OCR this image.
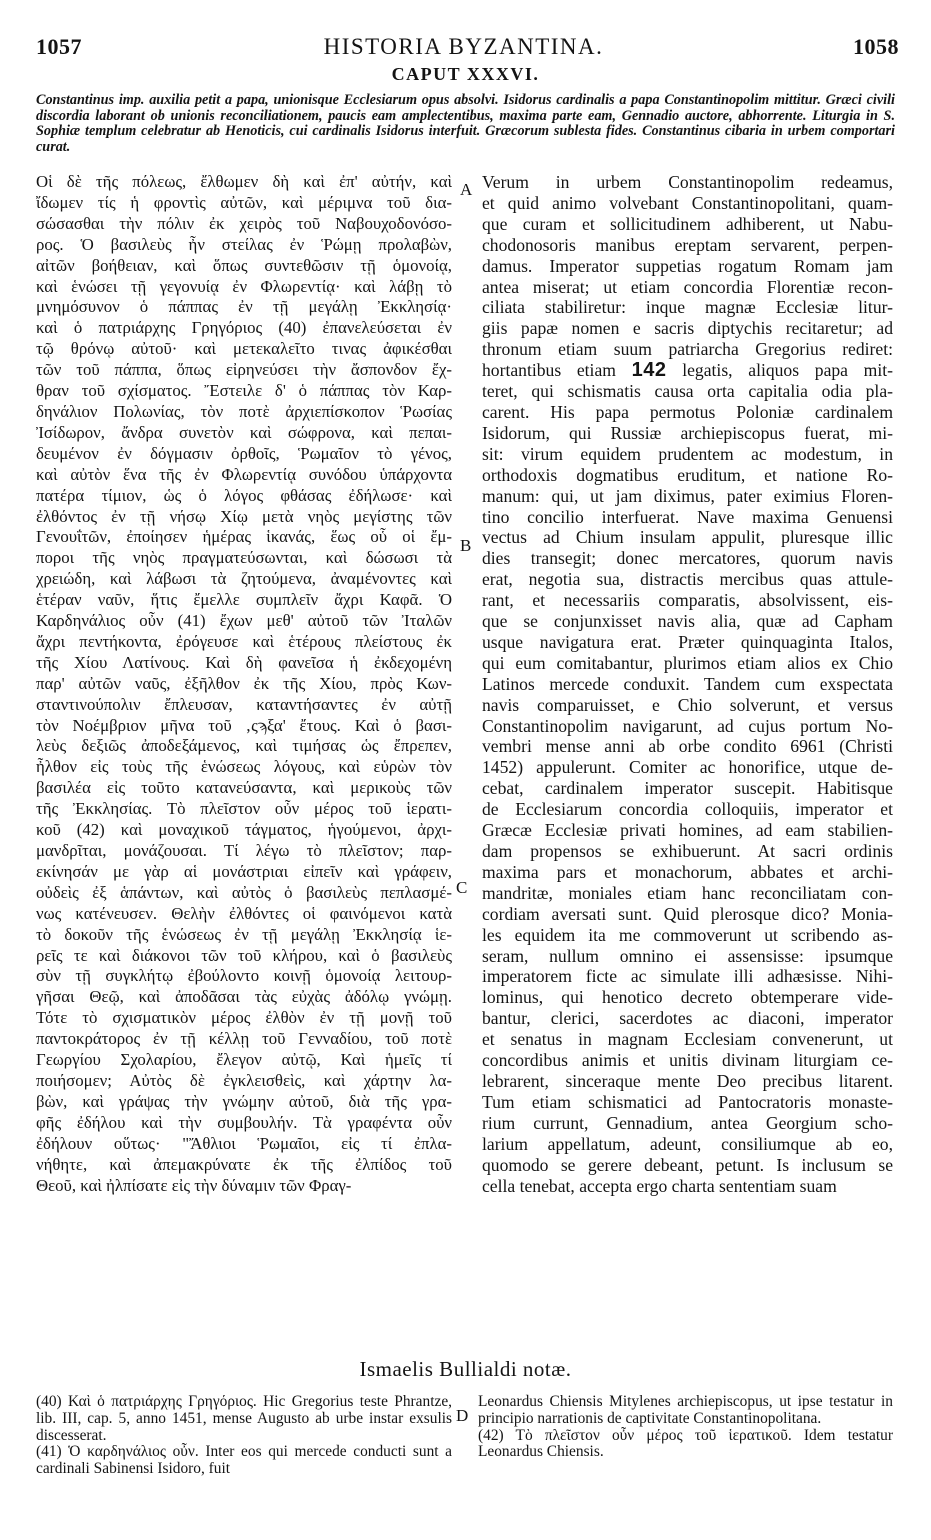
1057	HISTORIA BYZANTINA.	1058
CAPUT XXXVI.
Constantinus imp. auxilia petit a papa, unionisque Ecclesiarum opus absolvi. Isidorus cardinalis a papa Constantinopolim mittitur. Græci civili discordia laborant ob unionis reconciliationem, paucis eam amplectentibus, maxima parte eam, Gennadio auctore, abhorrente. Liturgia in S. Sophiæ templum celebratur ab Henoticis, cui cardinalis Isidorus interfuit. Græcorum sublesta fides. Constantinus cibaria in urbem comportari curat.
Οἱ δὲ τῆς πόλεως, ἔλθωμεν δὴ καὶ ἐπ' αὐτήν, καὶ
ἴδωμεν τίς ἡ φροντὶς αὐτῶν, καὶ μέριμνα τοῦ δια-
σώσασθαι τὴν πόλιν ἐκ χειρὸς τοῦ Ναβουχοδονόσο-
ρος. Ὁ βασιλεὺς ἦν στείλας ἐν Ῥώμῃ προλαβὼν,
αἰτῶν βοήθειαν, καὶ ὅπως συντεθῶσιν τῇ ὁμονοίᾳ,
καὶ ἑνώσει τῇ γεγονυίᾳ ἐν Φλωρεντίᾳ· καὶ λάβῃ τὸ
μνημόσυνον ὁ πάππας ἐν τῇ μεγάλῃ Ἐκκλησίᾳ·
καὶ ὁ πατριάρχης Γρηγόριος (40) ἐπανελεύσεται ἐν
τῷ θρόνῳ αὐτοῦ· καὶ μετεκαλεῖτο τινας ἀφικέσθαι
τῶν τοῦ πάππα, ὅπως εἰρηνεύσει τὴν ἄσπονδον ἔχ-
θραν τοῦ σχίσματος. Ἔστειλε δ' ὁ πάππας τὸν Καρ-
δηνάλιον Πολωνίας, τὸν ποτὲ ἀρχιεπίσκοπον Ῥωσίας
Ἰσίδωρον, ἄνδρα συνετὸν καὶ σώφρονα, καὶ πεπαι-
δευμένον ἐν δόγμασιν ὀρθοῖς, Ῥωμαῖον τὸ γένος,
καὶ αὐτὸν ἕνα τῆς ἐν Φλωρεντίᾳ συνόδου ὑπάρχοντα
πατέρα τίμιον, ὡς ὁ λόγος φθάσας ἐδήλωσε· καὶ
ἐλθόντος ἐν τῇ νήσῳ Χίῳ μετὰ νηὸς μεγίστης τῶν
Γενουΐτῶν, ἐποίησεν ἡμέρας ἱκανάς, ἕως οὗ οἱ ἔμ-
ποροι τῆς νηὸς πραγματεύσωνται, καὶ δώσωσι τὰ
χρειώδη, καὶ λάβωσι τὰ ζητούμενα, ἀναμένοντες καὶ
ἑτέραν ναῦν, ἥτις ἔμελλε συμπλεῖν ἄχρι Καφᾶ. Ὁ
Καρδηνάλιος οὖν (41) ἔχων μεθ' αὐτοῦ τῶν Ἰταλῶν
ἄχρι πεντήκοντα, ἐρόγευσε καὶ ἑτέρους πλείστους ἐκ
τῆς Χίου Λατίνους. Καὶ δὴ φανεῖσα ἡ ἐκδεχομένη
παρ' αὐτῶν ναῦς, ἐξῆλθον ἐκ τῆς Χίου, πρὸς Κων-
σταντινούπολιν ἔπλευσαν, καταντήσαντες ἐν αὐτῇ
τὸν Νοέμβριον μῆνα τοῦ ‚ςϡξα' ἔτους. Καὶ ὁ βασι-
λεὺς δεξιῶς ἀποδεξάμενος, καὶ τιμήσας ὡς ἔπρεπεν,
ἦλθον εἰς τοὺς τῆς ἑνώσεως λόγους, καὶ εὑρὼν τὸν
βασιλέα εἰς τοῦτο κατανεύσαντα, καὶ μερικοὺς τῶν
τῆς Ἐκκλησίας. Τὸ πλεῖστον οὖν μέρος τοῦ ἱερατι-
κοῦ (42) καὶ μοναχικοῦ τάγματος, ἡγούμενοι, ἀρχι-
μανδρῖται, μονάζουσαι. Τί λέγω τὸ πλεῖστον; παρ-
εκίνησάν με γὰρ αἱ μονάστριαι εἰπεῖν καὶ γράφειν,
οὐδεὶς ἐξ ἁπάντων, καὶ αὐτὸς ὁ βασιλεὺς πεπλασμέ-
νως κατένευσεν. Θελὴν ἐλθόντες οἱ φαινόμενοι κατὰ
τὸ δοκοῦν τῆς ἑνώσεως ἐν τῇ μεγάλῃ Ἐκκλησίᾳ ἱε-
ρεῖς τε καὶ διάκονοι τῶν τοῦ κλήρου, καὶ ὁ βασιλεὺς
σὺν τῇ συγκλήτῳ ἐβούλοντο κοινῇ ὁμονοίᾳ λειτουρ-
γῆσαι Θεῷ, καὶ ἀποδᾶσαι τὰς εὐχὰς ἀδόλῳ γνώμῃ.
Τότε τὸ σχισματικὸν μέρος ἐλθὸν ἐν τῇ μονῇ τοῦ
παντοκράτορος ἐν τῇ κέλλῃ τοῦ Γενναδίου, τοῦ ποτὲ
Γεωργίου Σχολαρίου, ἔλεγον αὐτῷ, Καὶ ἡμεῖς τί
ποιήσομεν; Αὐτὸς δὲ ἐγκλεισθεὶς, καὶ χάρτην λα-
βὼν, καὶ γράψας τὴν γνώμην αὐτοῦ, διὰ τῆς γρα-
φῆς ἐδήλου καὶ τὴν συμβουλήν. Τὰ γραφέντα οὖν
ἐδήλουν οὕτως· "Ἄθλιοι Ῥωμαῖοι, εἰς τί ἐπλα-
νήθητε, καὶ ἀπεμακρύνατε ἐκ τῆς ἐλπίδος τοῦ
Θεοῦ, καὶ ἠλπίσατε εἰς τὴν δύναμιν τῶν Φραγ-
Verum in urbem Constantinopolim redeamus,
et quid animo volvebant Constantinopolitani, quam-
que curam et sollicitudinem adhiberent, ut Nabu-
chodonosoris manibus ereptam servarent, perpen-
damus. Imperator suppetias rogatum Romam jam
antea miserat; ut etiam concordia Florentiæ recon-
ciliata stabiliretur: inque magnæ Ecclesiæ litur-
giis papæ nomen e sacris diptychis recitaretur; ad
thronum etiam suum patriarcha Gregorius rediret:
hortantibus etiam 142 legatis, aliquos papa mit-
teret, qui schismatis causa orta capitalia odia pla-
carent. His papa permotus Poloniæ cardinalem
Isidorum, qui Russiæ archiepiscopus fuerat, mi-
sit: virum equidem prudentem ac modestum, in
orthodoxis dogmatibus eruditum, et natione Ro-
manum: qui, ut jam diximus, pater eximius Floren-
tino concilio interfuerat. Nave maxima Genuensi
vectus ad Chium insulam appulit, pluresque illic
dies transegit; donec mercatores, quorum navis
erat, negotia sua, distractis mercibus quas attule-
rant, et necessariis comparatis, absolvissent, eis-
que se conjunxisset navis alia, quæ ad Capham
usque navigatura erat. Præter quinquaginta Italos,
qui eum comitabantur, plurimos etiam alios ex Chio
Latinos mercede conduxit. Tandem cum exspectata
navis comparuisset, e Chio solverunt, et versus
Constantinopolim navigarunt, ad cujus portum No-
vembri mense anni ab orbe condito 6961 (Christi
1452) appulerunt. Comiter ac honorifice, utque de-
cebat, cardinalem imperator suscepit. Habitisque
de Ecclesiarum concordia colloquiis, imperator et
Græcæ Ecclesiæ privati homines, ad eam stabilien-
dam propensos se exhibuerunt. At sacri ordinis
maxima pars et monachorum, abbates et archi-
mandritæ, moniales etiam hanc reconciliatam con-
cordiam aversati sunt. Quid plerosque dico? Monia-
les equidem ita me commoverunt ut scribendo as-
seram, nullum omnino ei assensisse: ipsumque
imperatorem ficte ac simulate illi adhæsisse. Nihi-
lominus, qui henotico decreto obtemperare vide-
bantur, clerici, sacerdotes ac diaconi, imperator
et senatus in magnam Ecclesiam convenerunt, ut
concordibus animis et unitis divinam liturgiam ce-
lebrarent, sinceraque mente Deo precibus litarent.
Tum etiam schismatici ad Pantocratoris monaste-
rium currunt, Gennadium, antea Georgium scho-
larium appellatum, adeunt, consiliumque ab eo,
quomodo se gerere debeant, petunt. Is inclusum se
cella tenebat, accepta ergo charta sententiam suam
A
B
C
D
Ismaelis Bullialdi notæ.
(40) Καὶ ὁ πατριάρχης Γρηγόριος. Hic Gregorius teste Phrantze, lib. III, cap. 5, anno 1451, mense Augusto ab urbe instar exsulis discesserat.
(41) Ὁ καρδηνάλιος οὖν. Inter eos qui mercede conducti sunt a cardinali Sabinensi Isidoro, fuit
Leonardus Chiensis Mitylenes archiepiscopus, ut ipse testatur in principio narrationis de captivitate Constantinopolitana.
(42) Τὸ πλεῖστον οὖν μέρος τοῦ ἱερατικοῦ. Idem testatur Leonardus Chiensis.
